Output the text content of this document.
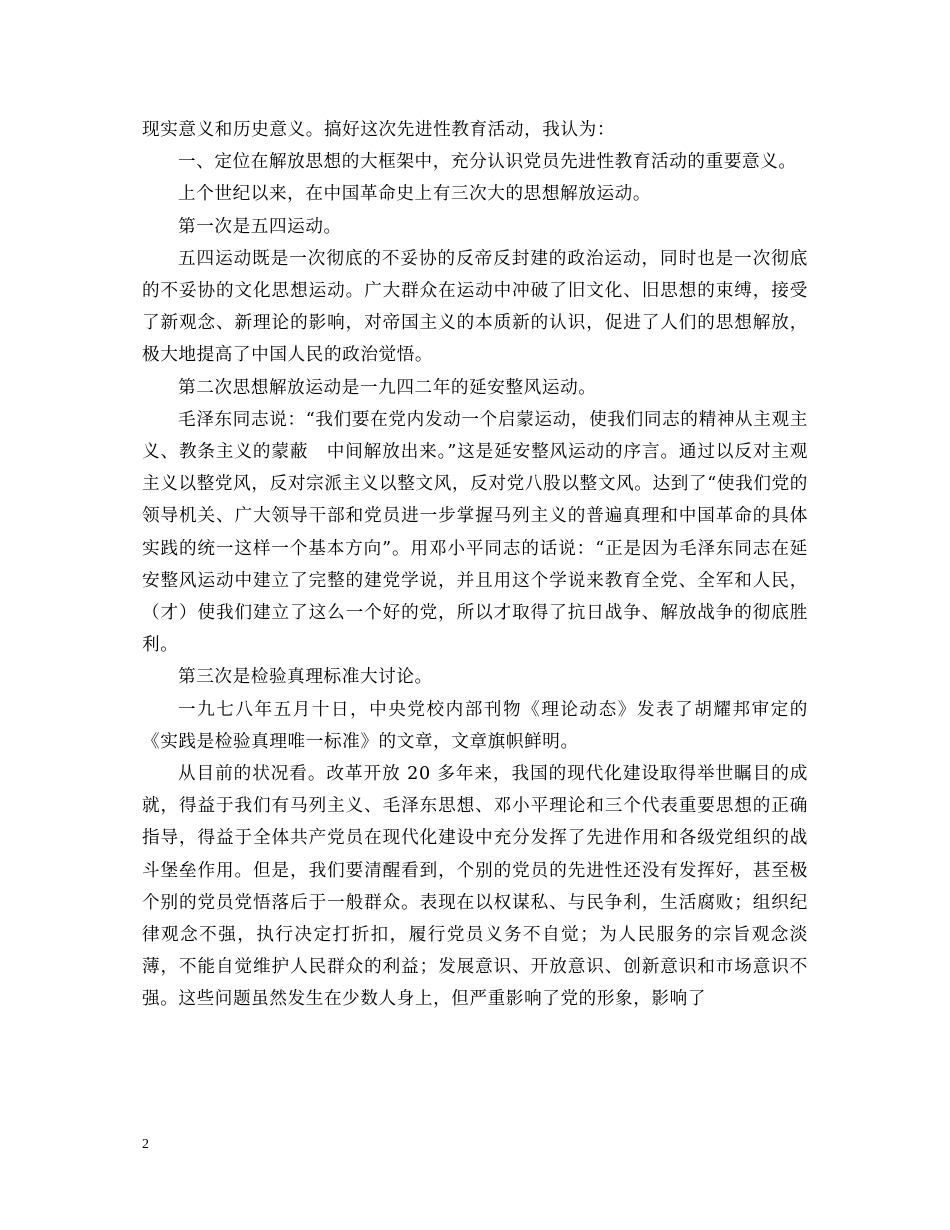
现实意义和历史意义。搞好这次先进性教育活动，我认为：

一、定位在解放思想的大框架中，充分认识党员先进性教育活动的重要意义。

上个世纪以来，在中国革命史上有三次大的思想解放运动。

第一次是五四运动。

五四运动既是一次彻底的不妥协的反帝反封建的政治运动，同时也是一次彻底的不妥协的文化思想运动。广大群众在运动中冲破了旧文化、旧思想的束缚，接受了新观念、新理论的影响，对帝国主义的本质新的认识，促进了人们的思想解放，极大地提高了中国人民的政治觉悟。

第二次思想解放运动是一九四二年的延安整风运动。

毛泽东同志说：“我们要在党内发动一个启蒙运动，使我们同志的精神从主观主义、教条主义的蒙蔽　中间解放出来。”这是延安整风运动的序言。通过以反对主观主义以整党风，反对宗派主义以整文风，反对党八股以整文风。达到了“使我们党的领导机关、广大领导干部和党员进一步掌握马列主义的普遍真理和中国革命的具体实践的统一这样一个基本方向”。用邓小平同志的话说：“正是因为毛泽东同志在延安整风运动中建立了完整的建党学说，并且用这个学说来教育全党、全军和人民，（才）使我们建立了这么一个好的党，所以才取得了抗日战争、解放战争的彻底胜利。

第三次是检验真理标准大讨论。

一九七八年五月十日，中央党校内部刊物《理论动态》发表了胡耀邦审定的《实践是检验真理唯一标准》的文章，文章旗帜鲜明。

从目前的状况看。改革开放 20 多年来，我国的现代化建设取得举世瞩目的成就，得益于我们有马列主义、毛泽东思想、邓小平理论和三个代表重要思想的正确指导，得益于全体共产党员在现代化建设中充分发挥了先进作用和各级党组织的战斗堡垒作用。但是，我们要清醒看到，个别的党员的先进性还没有发挥好，甚至极个别的党员党悟落后于一般群众。表现在以权谋私、与民争利，生活腐败；组织纪律观念不强，执行决定打折扣，履行党员义务不自觉；为人民服务的宗旨观念淡薄，不能自觉维护人民群众的利益；发展意识、开放意识、创新意识和市场意识不强。这些问题虽然发生在少数人身上，但严重影响了党的形象，影响了

2
